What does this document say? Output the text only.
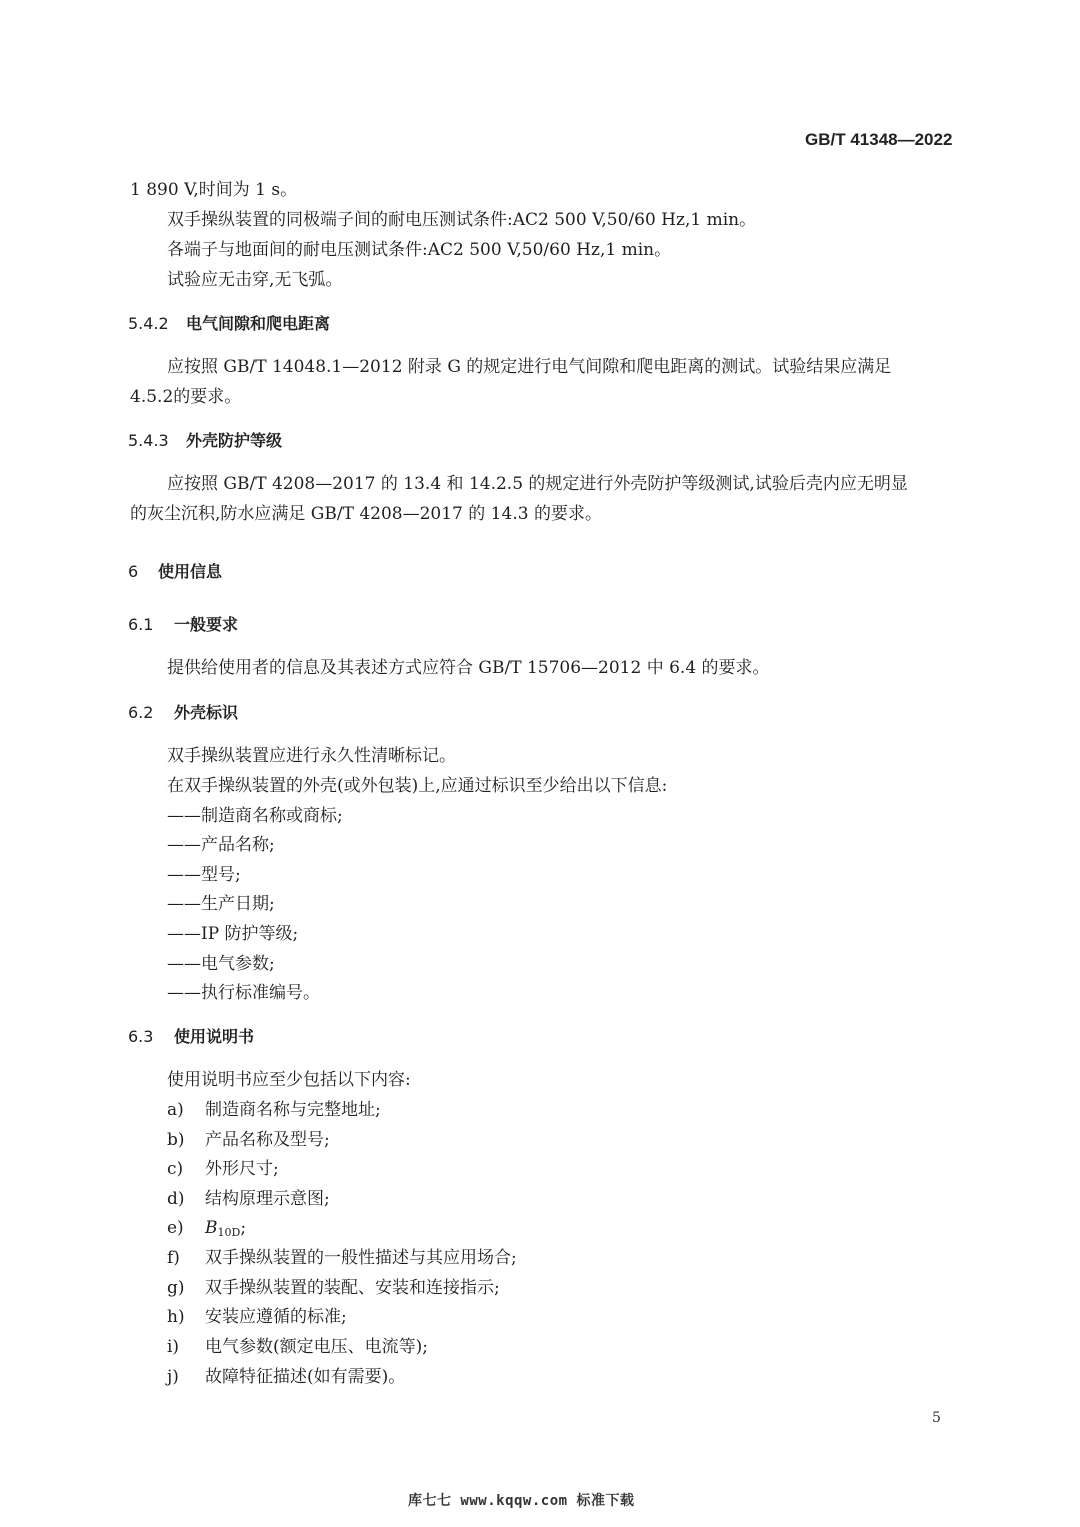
GB/T 41348—2022
1 890 V,时间为 1 s。
双手操纵装置的同极端子间的耐电压测试条件:AC2 500 V,50/60 Hz,1 min。
各端子与地面间的耐电压测试条件:AC2 500 V,50/60 Hz,1 min。
试验应无击穿,无飞弧。
5.4.2 电气间隙和爬电距离
应按照 GB/T 14048.1—2012 附录 G 的规定进行电气间隙和爬电距离的测试。试验结果应满足
4.5.2的要求。
5.4.3 外壳防护等级
应按照 GB/T 4208—2017 的 13.4 和 14.2.5 的规定进行外壳防护等级测试,试验后壳内应无明显
的灰尘沉积,防水应满足 GB/T 4208—2017 的 14.3 的要求。
6 使用信息
6.1 一般要求
提供给使用者的信息及其表述方式应符合 GB/T 15706—2012 中 6.4 的要求。
6.2 外壳标识
双手操纵装置应进行永久性清晰标记。
在双手操纵装置的外壳(或外包装)上,应通过标识至少给出以下信息:
——制造商名称或商标;
——产品名称;
——型号;
——生产日期;
——IP 防护等级;
——电气参数;
——执行标准编号。
6.3 使用说明书
使用说明书应至少包括以下内容:
a) 制造商名称与完整地址;
b) 产品名称及型号;
c) 外形尺寸;
d) 结构原理示意图;
e) $B_{10D}$;
f) 双手操纵装置的一般性描述与其应用场合;
g) 双手操纵装置的装配、安装和连接指示;
h) 安装应遵循的标准;
i) 电气参数(额定电压、电流等);
j) 故障特征描述(如有需要)。
5
库七七 www.kqqw.com 标准下载
